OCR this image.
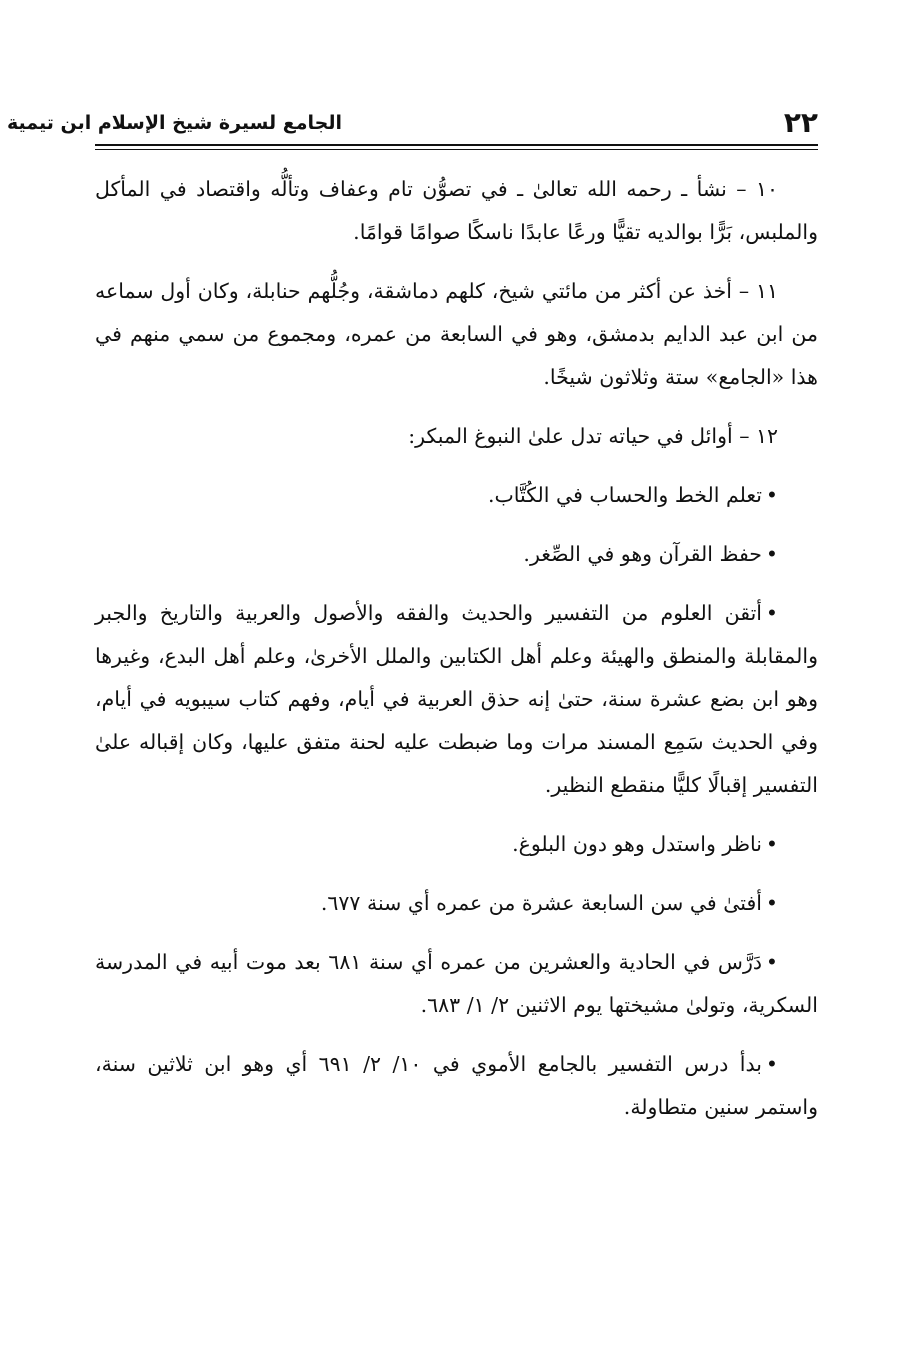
الجامع لسيرة شيخ الإسلام ابن تيمية	٢٢

١٠ – نشأ ـ رحمه الله تعالىٰ ـ في تصوُّن تام وعفاف وتألُّه واقتصاد في المأكل والملبس، بَرًّا بوالديه تقيًّا ورعًا عابدًا ناسكًا صوامًا قوامًا.

١١ – أخذ عن أكثر من مائتي شيخ، كلهم دماشقة، وجُلُّهم حنابلة، وكان أول سماعه من ابن عبد الدايم بدمشق، وهو في السابعة من عمره، ومجموع من سمي منهم في هذا «الجامع» ستة وثلاثون شيخًا.

١٢ – أوائل في حياته تدل علىٰ النبوغ المبكر:

•تعلم الخط والحساب في الكُتَّاب.
•حفظ القرآن وهو في الصِّغر.
•أتقن العلوم من التفسير والحديث والفقه والأصول والعربية والتاريخ والجبر والمقابلة والمنطق والهيئة وعلم أهل الكتابين والملل الأخرىٰ، وعلم أهل البدع، وغيرها وهو ابن بضع عشرة سنة، حتىٰ إنه حذق العربية في أيام، وفهم كتاب سيبويه في أيام، وفي الحديث سَمِع المسند مرات وما ضبطت عليه لحنة متفق عليها، وكان إقباله علىٰ التفسير إقبالًا كليًّا منقطع النظير.
•ناظر واستدل وهو دون البلوغ.
•أفتىٰ في سن السابعة عشرة من عمره أي سنة ٦٧٧.
•دَرَّس في الحادية والعشرين من عمره أي سنة ٦٨١ بعد موت أبيه في المدرسة السكرية، وتولىٰ مشيختها يوم الاثنين ٢/ ١/ ٦٨٣.
•بدأ درس التفسير بالجامع الأموي في ١٠/ ٢/ ٦٩١ أي وهو ابن ثلاثين سنة، واستمر سنين متطاولة.
